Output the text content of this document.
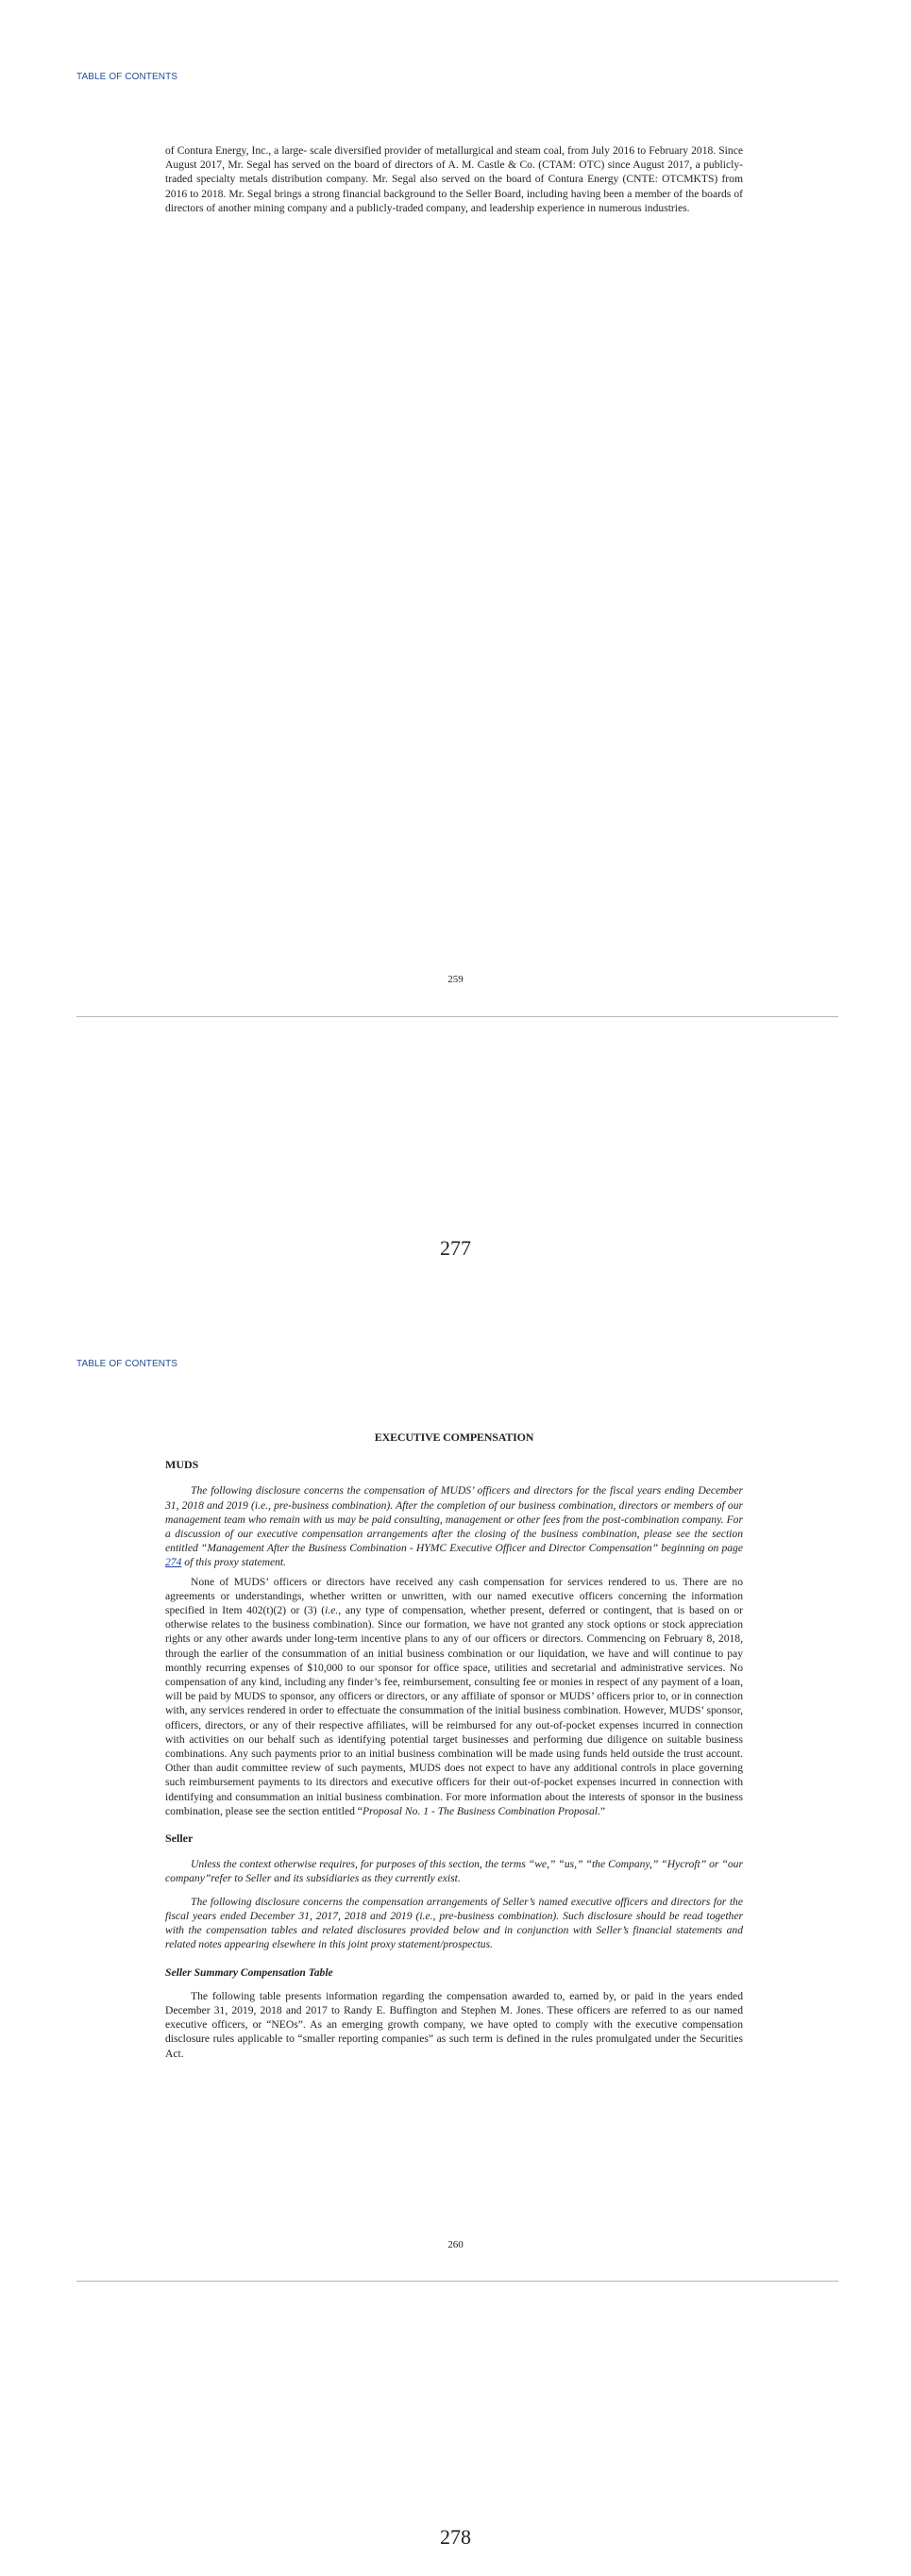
TABLE OF CONTENTS

of Contura Energy, Inc., a large- scale diversified provider of metallurgical and steam coal, from July 2016 to February 2018. Since August 2017, Mr. Segal has served on the board of directors of A. M. Castle & Co. (CTAM: OTC) since August 2017, a publicly-traded specialty metals distribution company. Mr. Segal also served on the board of Contura Energy (CNTE: OTCMKTS) from 2016 to 2018. Mr. Segal brings a strong financial background to the Seller Board, including having been a member of the boards of directors of another mining company and a publicly-traded company, and leadership experience in numerous industries.

259
277
TABLE OF CONTENTS

EXECUTIVE COMPENSATION

MUDS

The following disclosure concerns the compensation of MUDS’ officers and directors for the fiscal years ending December 31, 2018 and 2019 (i.e., pre-business combination). After the completion of our business combination, directors or members of our management team who remain with us may be paid consulting, management or other fees from the post-combination company. For a discussion of our executive compensation arrangements after the closing of the business combination, please see the section entitled “Management After the Business Combination - HYMC Executive Officer and Director Compensation” beginning on page 274 of this proxy statement.

None of MUDS’ officers or directors have received any cash compensation for services rendered to us. There are no agreements or understandings, whether written or unwritten, with our named executive officers concerning the information specified in Item 402(t)(2) or (3) (i.e., any type of compensation, whether present, deferred or contingent, that is based on or otherwise relates to the business combination). Since our formation, we have not granted any stock options or stock appreciation rights or any other awards under long-term incentive plans to any of our officers or directors. Commencing on February 8, 2018, through the earlier of the consummation of an initial business combination or our liquidation, we have and will continue to pay monthly recurring expenses of $10,000 to our sponsor for office space, utilities and secretarial and administrative services. No compensation of any kind, including any finder’s fee, reimbursement, consulting fee or monies in respect of any payment of a loan, will be paid by MUDS to sponsor, any officers or directors, or any affiliate of sponsor or MUDS’ officers prior to, or in connection with, any services rendered in order to effectuate the consummation of the initial business combination. However, MUDS’ sponsor, officers, directors, or any of their respective affiliates, will be reimbursed for any out-of-pocket expenses incurred in connection with activities on our behalf such as identifying potential target businesses and performing due diligence on suitable business combinations. Any such payments prior to an initial business combination will be made using funds held outside the trust account. Other than audit committee review of such payments, MUDS does not expect to have any additional controls in place governing such reimbursement payments to its directors and executive officers for their out-of-pocket expenses incurred in connection with identifying and consummation an initial business combination. For more information about the interests of sponsor in the business combination, please see the section entitled “Proposal No. 1 - The Business Combination Proposal.”

Seller

Unless the context otherwise requires, for purposes of this section, the terms “we,” “us,” “the Company,” “Hycroft” or “our company”refer to Seller and its subsidiaries as they currently exist.

The following disclosure concerns the compensation arrangements of Seller’s named executive officers and directors for the fiscal years ended December 31, 2017, 2018 and 2019 (i.e., pre-business combination). Such disclosure should be read together with the compensation tables and related disclosures provided below and in conjunction with Seller’s financial statements and related notes appearing elsewhere in this joint proxy statement/prospectus.

Seller Summary Compensation Table

The following table presents information regarding the compensation awarded to, earned by, or paid in the years ended December 31, 2019, 2018 and 2017 to Randy E. Buffington and Stephen M. Jones. These officers are referred to as our named executive officers, or “NEOs”. As an emerging growth company, we have opted to comply with the executive compensation disclosure rules applicable to “smaller reporting companies” as such term is defined in the rules promulgated under the Securities Act.

260
278
